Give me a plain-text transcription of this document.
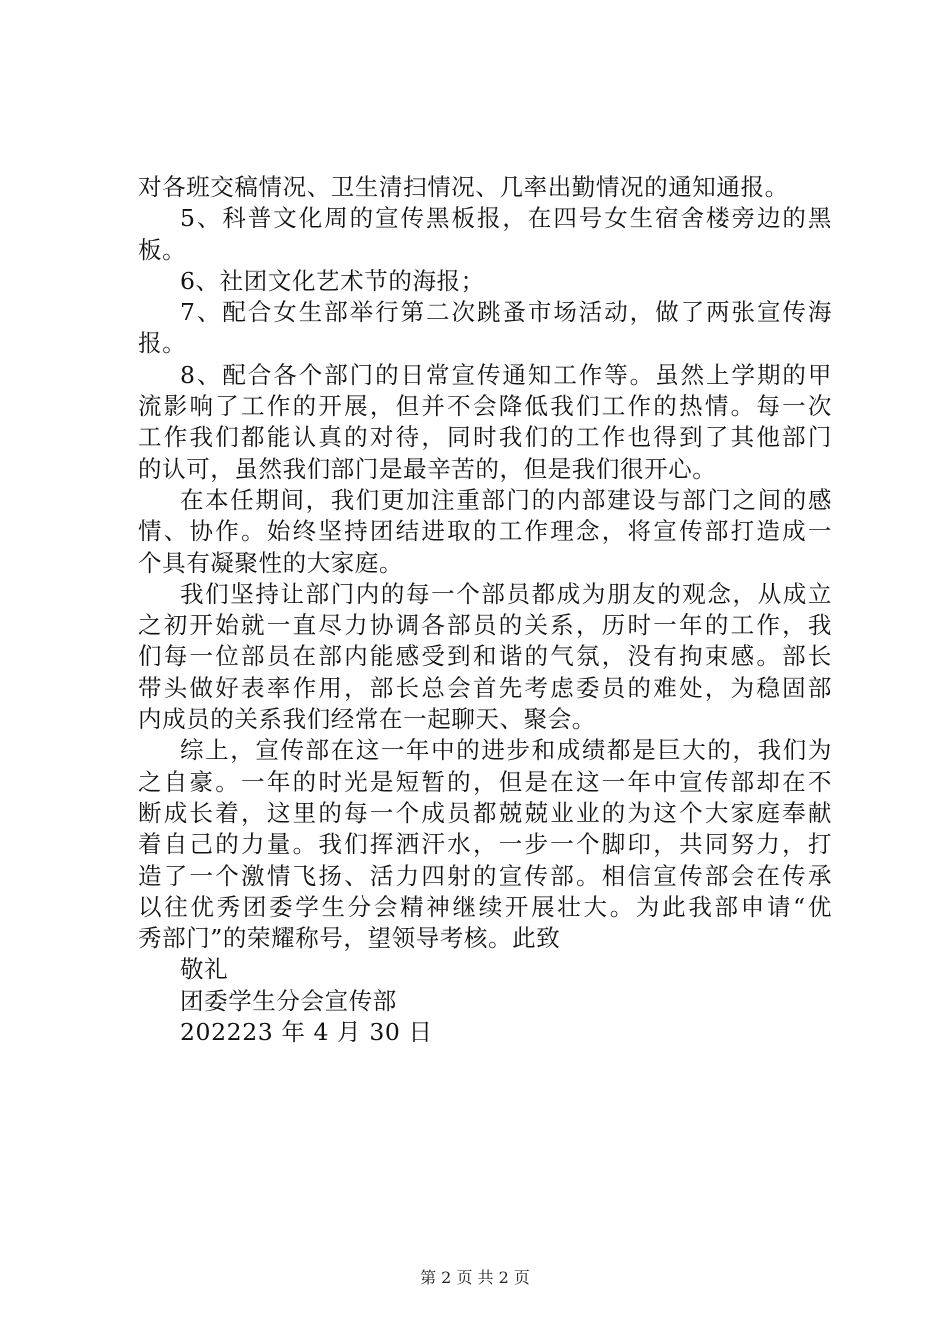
对各班交稿情况、卫生清扫情况、几率出勤情况的通知通报。
5、科普文化周的宣传黑板报，在四号女生宿舍楼旁边的黑
板。
6、社团文化艺术节的海报；
7、配合女生部举行第二次跳蚤市场活动，做了两张宣传海
报。
8、配合各个部门的日常宣传通知工作等。虽然上学期的甲
流影响了工作的开展，但并不会降低我们工作的热情。每一次
工作我们都能认真的对待，同时我们的工作也得到了其他部门
的认可，虽然我们部门是最辛苦的，但是我们很开心。
在本任期间，我们更加注重部门的内部建设与部门之间的感
情、协作。始终坚持团结进取的工作理念，将宣传部打造成一
个具有凝聚性的大家庭。
我们坚持让部门内的每一个部员都成为朋友的观念，从成立
之初开始就一直尽力协调各部员的关系，历时一年的工作，我
们每一位部员在部内能感受到和谐的气氛，没有拘束感。部长
带头做好表率作用，部长总会首先考虑委员的难处，为稳固部
内成员的关系我们经常在一起聊天、聚会。
综上，宣传部在这一年中的进步和成绩都是巨大的，我们为
之自豪。一年的时光是短暂的，但是在这一年中宣传部却在不
断成长着，这里的每一个成员都兢兢业业的为这个大家庭奉献
着自己的力量。我们挥洒汗水，一步一个脚印，共同努力，打
造了一个激情飞扬、活力四射的宣传部。相信宣传部会在传承
以往优秀团委学生分会精神继续开展壮大。为此我部申请“优
秀部门”的荣耀称号，望领导考核。此致
敬礼
团委学生分会宣传部
202223 年 4 月 30 日
第 2 页 共 2 页
